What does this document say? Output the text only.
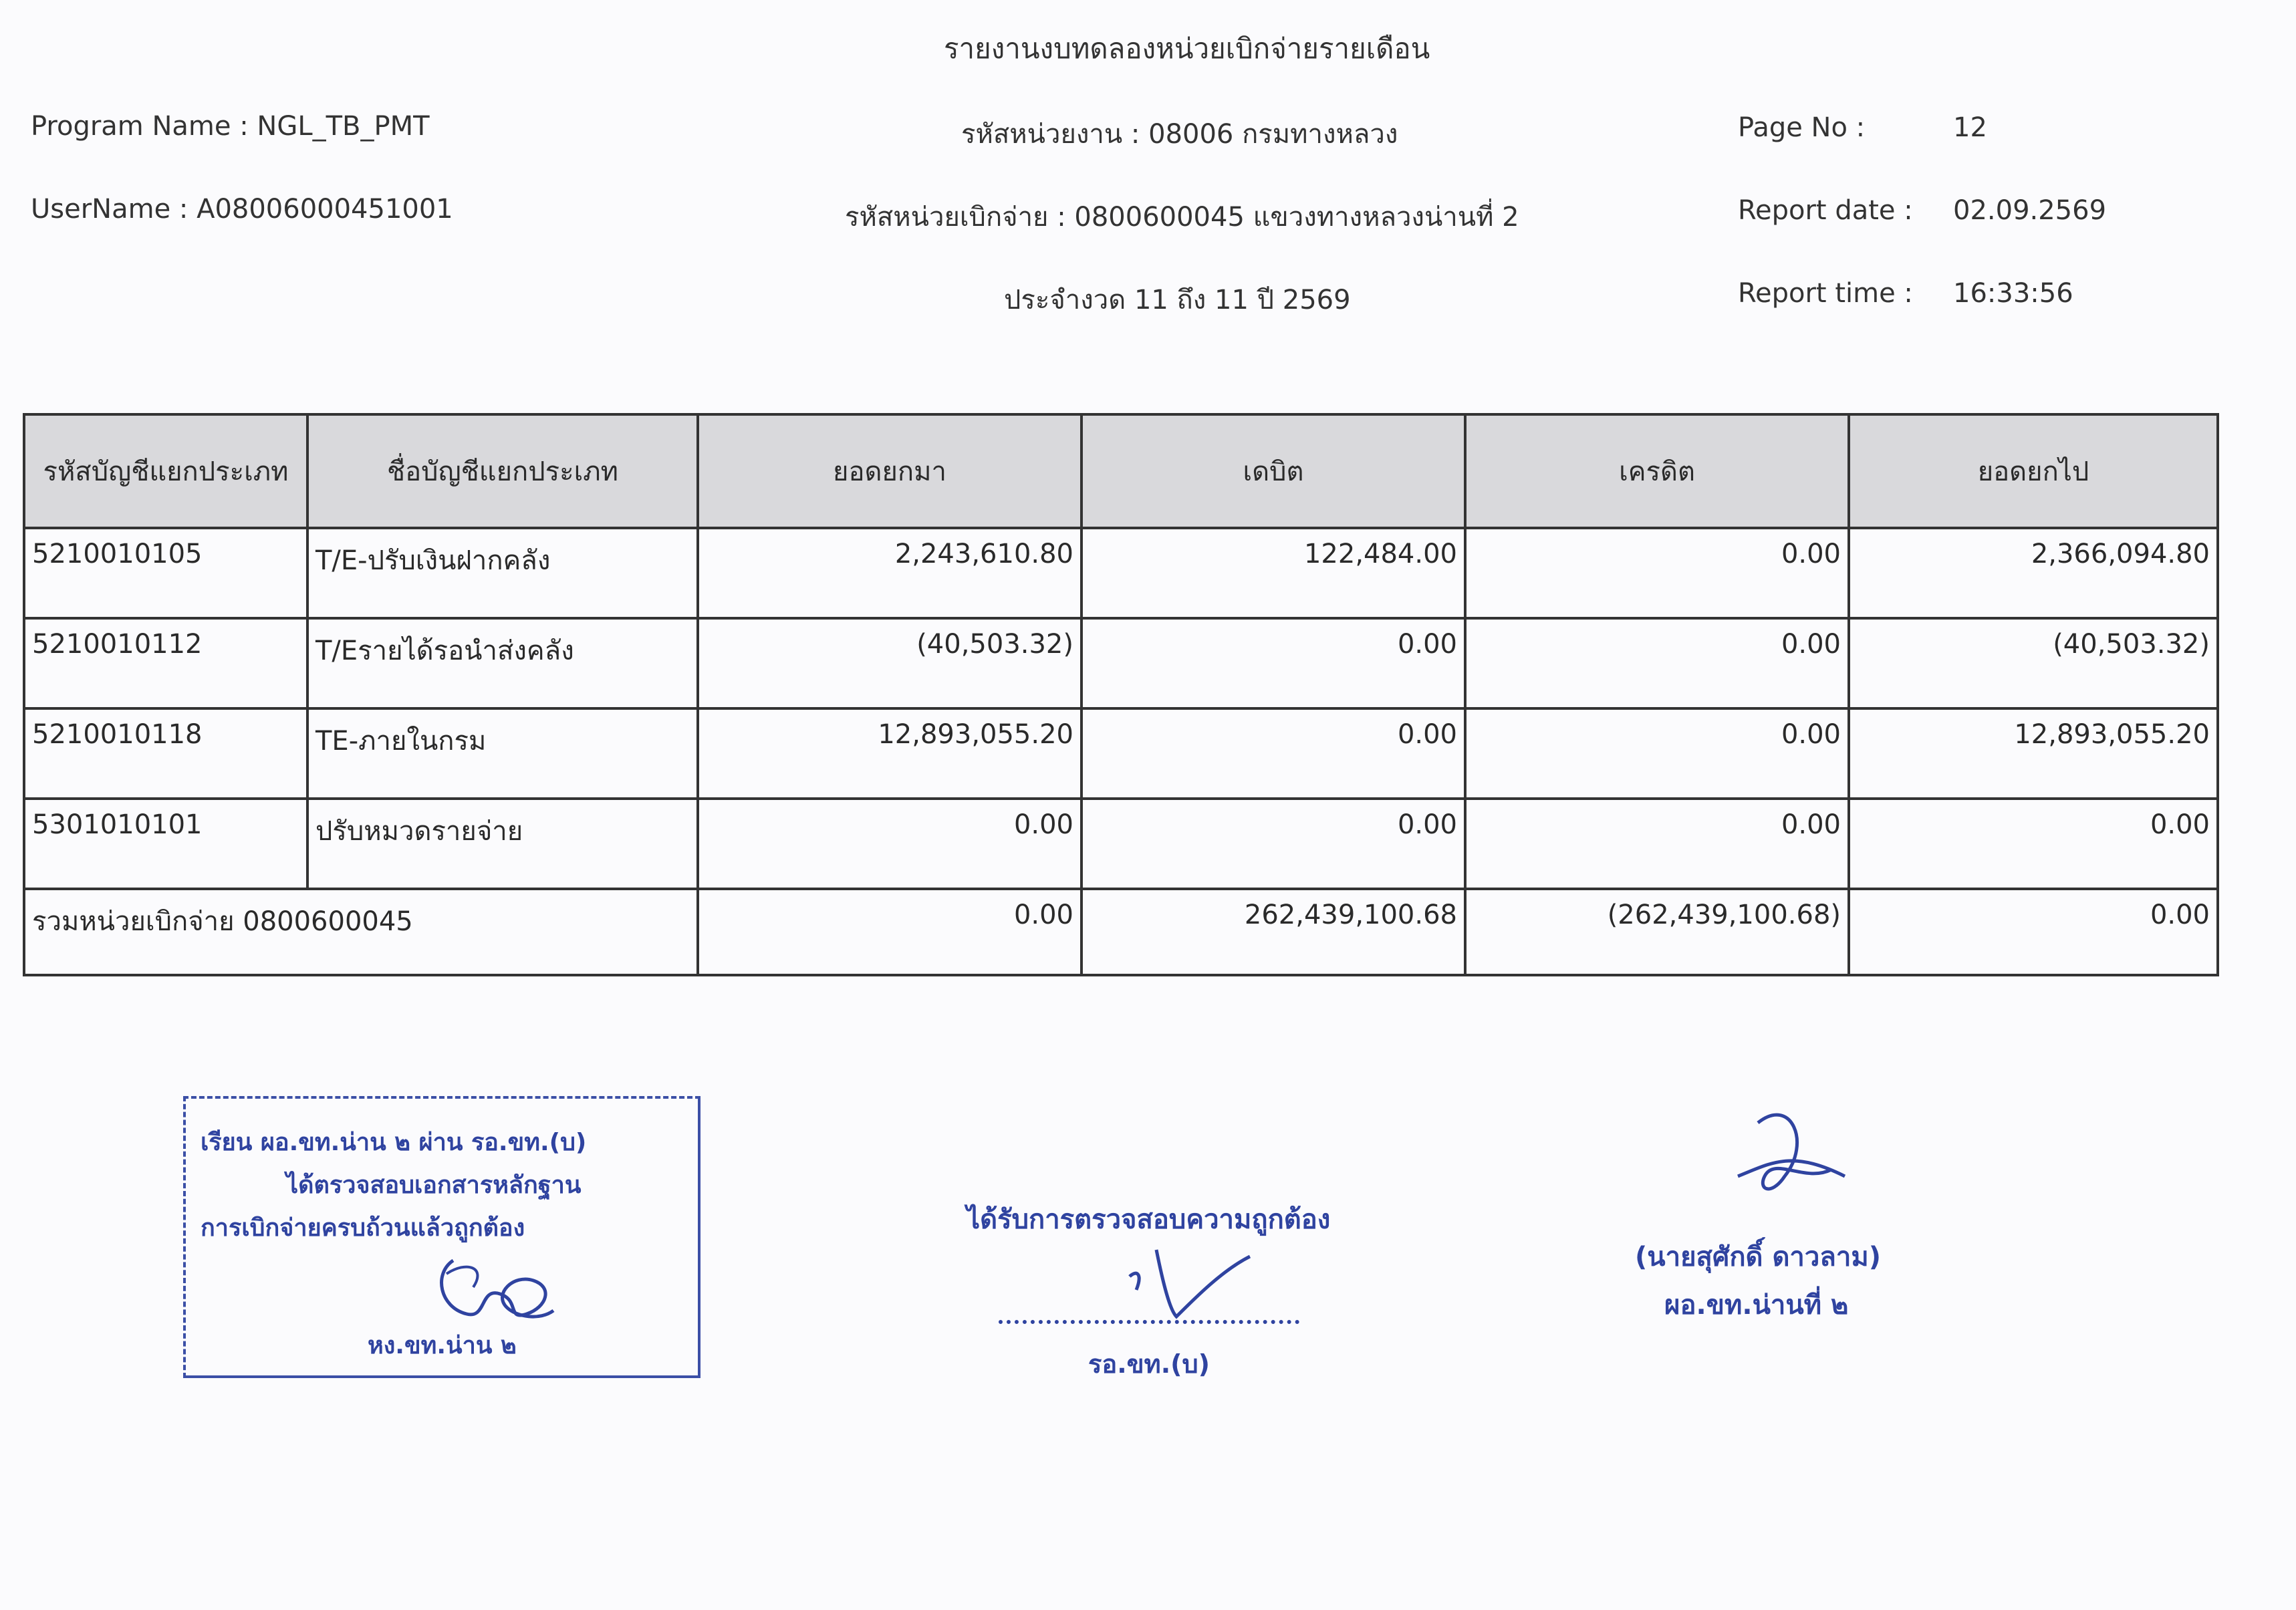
รายงานงบทดลองหน่วยเบิกจ่ายรายเดือน
Program Name : NGL_TB_PMT
UserName : A08006000451001
รหัสหน่วยงาน : 08006 กรมทางหลวง
รหัสหน่วยเบิกจ่าย : 0800600045 แขวงทางหลวงน่านที่ 2
ประจำงวด 11 ถึง 11 ปี 2569
Page No :	12
Report date : 02.09.2569
Report time : 16:33:56
รหัสบัญชีแยกประเภท	ชื่อบัญชีแยกประเภท	ยอดยกมา	เดบิต	เครดิต	ยอดยกไป
5210010105	T/E-ปรับเงินฝากคลัง	2,243,610.80	122,484.00	0.00	2,366,094.80
5210010112	T/Eรายได้รอนำส่งคลัง	(40,503.32)	0.00	0.00	(40,503.32)
5210010118	TE-ภายในกรม	12,893,055.20	0.00	0.00	12,893,055.20
5301010101	ปรับหมวดรายจ่าย	0.00	0.00	0.00	0.00
รวมหน่วยเบิกจ่าย 0800600045		0.00	262,439,100.68	(262,439,100.68)	0.00
เรียน ผอ.ขท.น่าน ๒ ผ่าน รอ.ขท.(บ)
ได้ตรวจสอบเอกสารหลักฐาน
การเบิกจ่ายครบถ้วนแล้วถูกต้อง
หง.ขท.น่าน ๒
ได้รับการตรวจสอบความถูกต้อง
รอ.ขท.(บ)
(นายสุศักดิ์ ดาวลาม)
ผอ.ขท.น่านที่ ๒
